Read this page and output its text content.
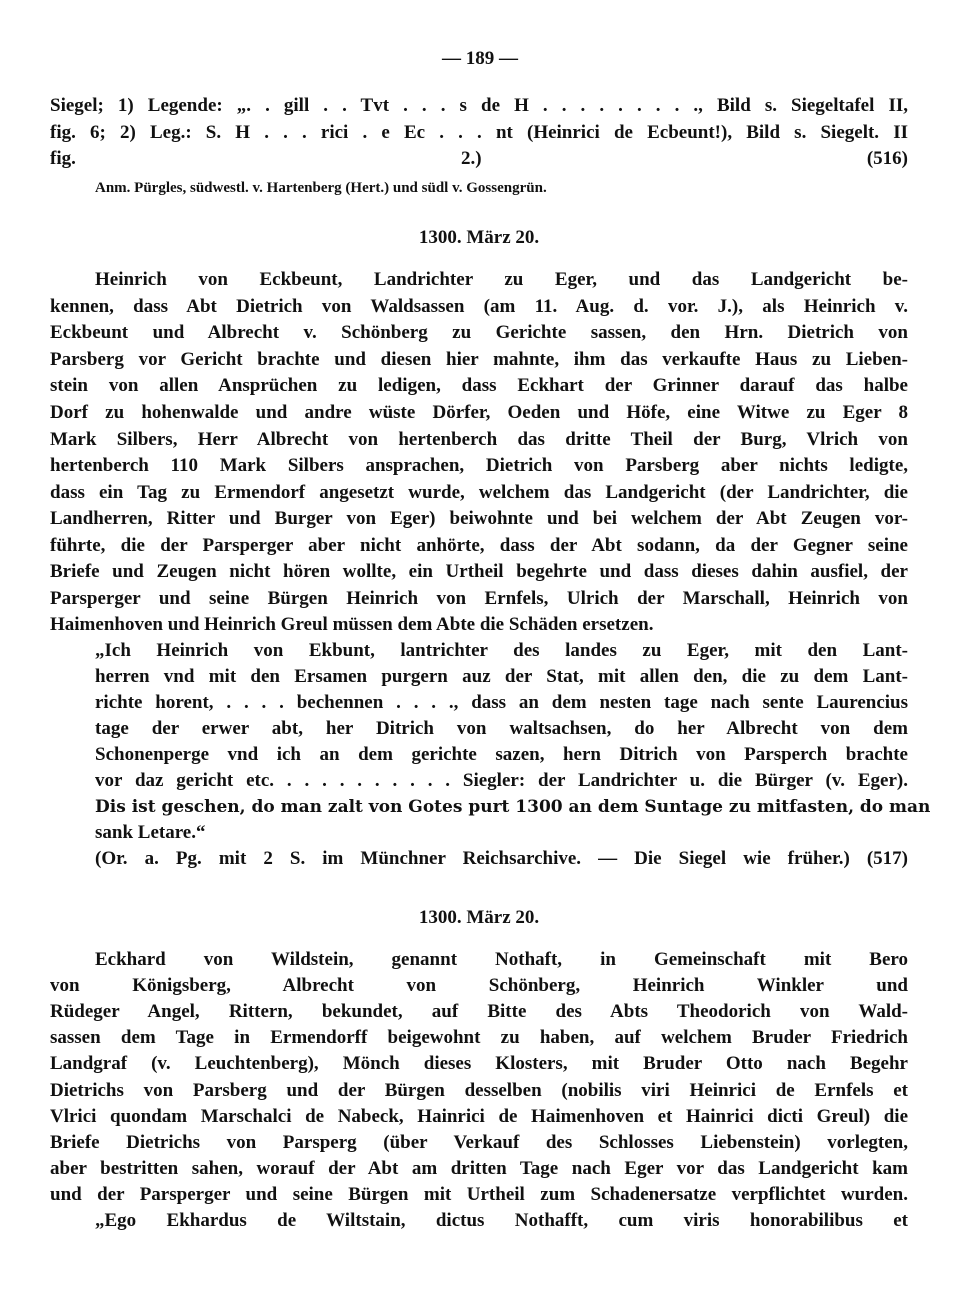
— 189 —
Siegel; 1) Legende: „. . gill . . Tvt . . . s de H . . . . . . . . ., Bild s. Siegeltafel II,
fig. 6; 2) Leg.: S. H . . . rici . e Ec . . . nt (Heinrici de Ecbeunt!), Bild s. Siegelt. II
fig. 2.) (516)
Anm. Pürgles, südwestl. v. Hartenberg (Hert.) und südl v. Gossengrün.
1300. März 20.
Heinrich von Eckbeunt, Landrichter zu Eger, und das Landgericht be-
kennen, dass Abt Dietrich von Waldsassen (am 11. Aug. d. vor. J.), als Heinrich v.
Eckbeunt und Albrecht v. Schönberg zu Gerichte sassen, den Hrn. Dietrich von
Parsberg vor Gericht brachte und diesen hier mahnte, ihm das verkaufte Haus zu Lieben-
stein von allen Ansprüchen zu ledigen, dass Eckhart der Grinner darauf das halbe
Dorf zu hohenwalde und andre wüste Dörfer, Oeden und Höfe, eine Witwe zu Eger 8
Mark Silbers, Herr Albrecht von hertenberch das dritte Theil der Burg, Vlrich von
hertenberch 110 Mark Silbers ansprachen, Dietrich von Parsberg aber nichts ledigte,
dass ein Tag zu Ermendorf angesetzt wurde, welchem das Landgericht (der Landrichter, die
Landherren, Ritter und Burger von Eger) beiwohnte und bei welchem der Abt Zeugen vor-
führte, die der Parsperger aber nicht anhörte, dass der Abt sodann, da der Gegner seine
Briefe und Zeugen nicht hören wollte, ein Urtheil begehrte und dass dieses dahin ausfiel, der
Parsperger und seine Bürgen Heinrich von Ernfels, Ulrich der Marschall, Heinrich von
Haimenhoven und Heinrich Greul müssen dem Abte die Schäden ersetzen.
„Ich Heinrich von Ekbunt, lantrichter des landes zu Eger, mit den Lant-
herren vnd mit den Ersamen purgern auz der Stat, mit allen den, die zu dem Lant-
richte horent, . . . . bechennen . . . ., dass an dem nesten tage nach sente Laurencius
tage der erwer abt, her Ditrich von waltsachsen, do her Albrecht von dem
Schonenperge vnd ich an dem gerichte sazen, hern Ditrich von Parsperch brachte
vor daz gericht etc. . . . . . . . . . . Siegler: der Landrichter u. die Bürger (v. Eger).
Dis ist geschen, do man zalt von Gotes purt 1300 an dem Suntage zu mitfasten, do man
sank Letare.“
(Or. a. Pg. mit 2 S. im Münchner Reichsarchive. — Die Siegel wie früher.) (517)
1300. März 20.
Eckhard von Wildstein, genannt Nothaft, in Gemeinschaft mit Bero
von Königsberg, Albrecht von Schönberg, Heinrich Winkler und
Rüdeger Angel, Rittern, bekundet, auf Bitte des Abts Theodorich von Wald-
sassen dem Tage in Ermendorff beigewohnt zu haben, auf welchem Bruder Friedrich
Landgraf (v. Leuchtenberg), Mönch dieses Klosters, mit Bruder Otto nach Begehr
Dietrichs von Parsberg und der Bürgen desselben (nobilis viri Heinrici de Ernfels et
Vlrici quondam Marschalci de Nabeck, Hainrici de Haimenhoven et Hainrici dicti Greul) die
Briefe Dietrichs von Parsperg (über Verkauf des Schlosses Liebenstein) vorlegten,
aber bestritten sahen, worauf der Abt am dritten Tage nach Eger vor das Landgericht kam
und der Parsperger und seine Bürgen mit Urtheil zum Schadenersatze verpflichtet wurden.
„Ego Ekhardus de Wiltstain, dictus Nothafft, cum viris honorabilibus et
